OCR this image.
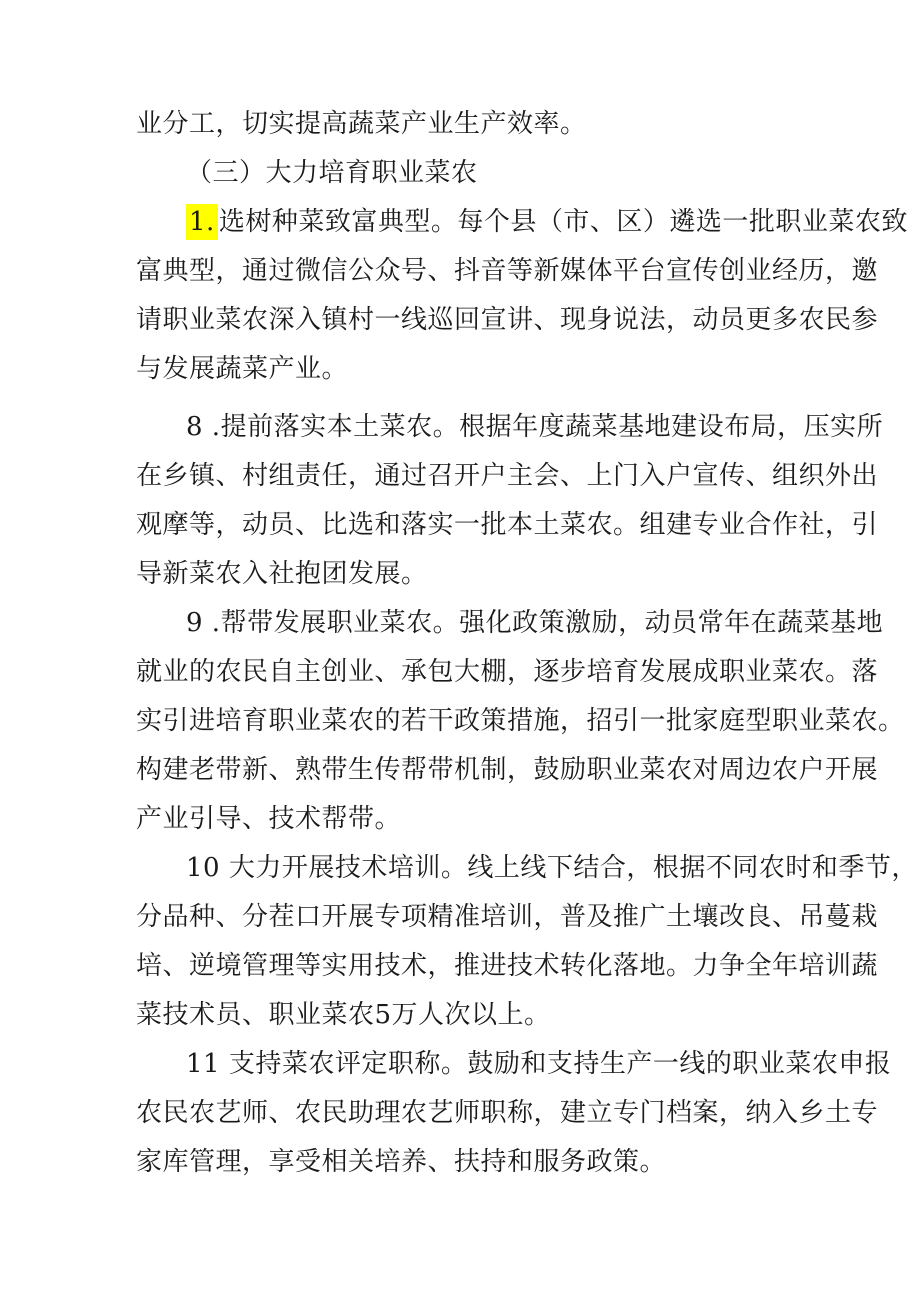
业分工，切实提高蔬菜产业生产效率。
（三）大力培育职业菜农
1. 选树种菜致富典型。每个县（市、区）遴选一批职业菜农致
富典型，通过微信公众号、抖音等新媒体平台宣传创业经历，邀
请职业菜农深入镇村一线巡回宣讲、现身说法，动员更多农民参
与发展蔬菜产业。
8 .提前落实本土菜农。根据年度蔬菜基地建设布局，压实所
在乡镇、村组责任，通过召开户主会、上门入户宣传、组织外出
观摩等，动员、比选和落实一批本土菜农。组建专业合作社，引
导新菜农入社抱团发展。
9 .帮带发展职业菜农。强化政策激励，动员常年在蔬菜基地
就业的农民自主创业、承包大棚，逐步培育发展成职业菜农。落
实引进培育职业菜农的若干政策措施，招引一批家庭型职业菜农。
构建老带新、熟带生传帮带机制，鼓励职业菜农对周边农户开展
产业引导、技术帮带。
10 大力开展技术培训。线上线下结合，根据不同农时和季节，
分品种、分茬口开展专项精准培训，普及推广土壤改良、吊蔓栽
培、逆境管理等实用技术，推进技术转化落地。力争全年培训蔬
菜技术员、职业菜农5万人次以上。
11 支持菜农评定职称。鼓励和支持生产一线的职业菜农申报
农民农艺师、农民助理农艺师职称，建立专门档案，纳入乡土专
家库管理，享受相关培养、扶持和服务政策。
